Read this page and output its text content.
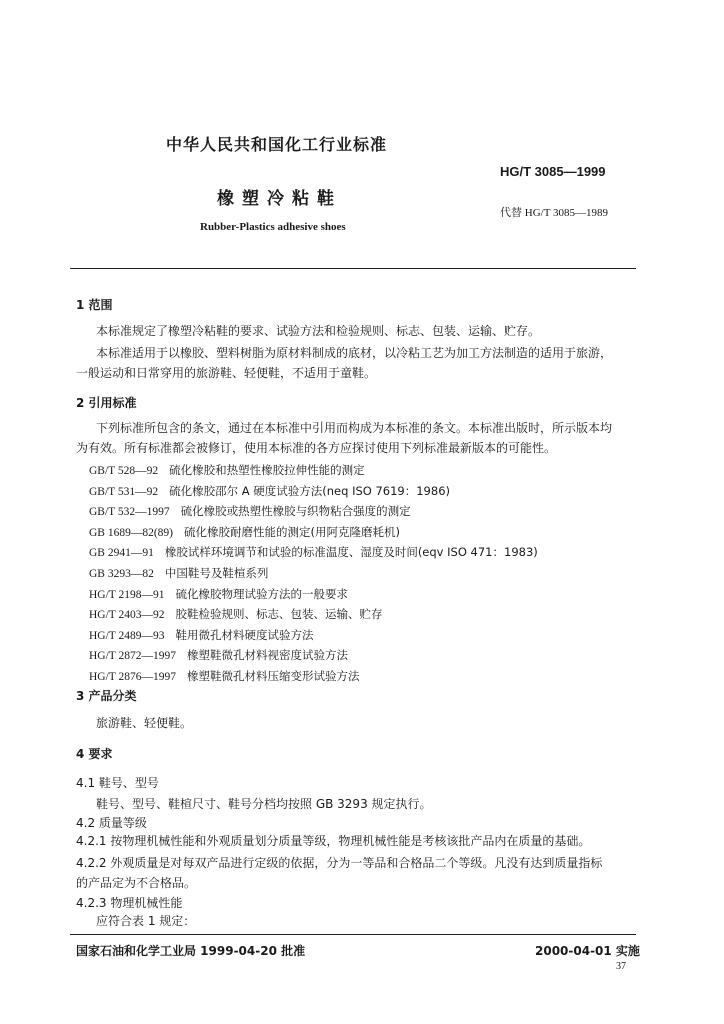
中华人民共和国化工行业标准
HG/T 3085—1999
橡塑冷粘鞋
代替 HG/T 3085—1989
Rubber-Plastics adhesive shoes
1 范围
本标准规定了橡塑冷粘鞋的要求、试验方法和检验规则、标志、包装、运输、贮存。
本标准适用于以橡胶、塑料树脂为原材料制成的底材，以冷粘工艺为加工方法制造的适用于旅游，
一般运动和日常穿用的旅游鞋、轻便鞋，不适用于童鞋。
2 引用标准
下列标准所包含的条文，通过在本标准中引用而构成为本标准的条文。本标准出版时，所示版本均
为有效。所有标准都会被修订，使用本标准的各方应探讨使用下列标准最新版本的可能性。
GB/T 528—92 硫化橡胶和热塑性橡胶拉伸性能的测定
GB/T 531—92 硫化橡胶邵尔 A 硬度试验方法(neq ISO 7619：1986)
GB/T 532—1997 硫化橡胶或热塑性橡胶与织物粘合强度的测定
GB 1689—82(89) 硫化橡胶耐磨性能的测定(用阿克隆磨耗机)
GB 2941—91 橡胶试样环境调节和试验的标准温度、湿度及时间(eqv ISO 471：1983)
GB 3293—82 中国鞋号及鞋楦系列
HG/T 2198—91 硫化橡胶物理试验方法的一般要求
HG/T 2403—92 胶鞋检验规则、标志、包装、运输、贮存
HG/T 2489—93 鞋用微孔材料硬度试验方法
HG/T 2872—1997 橡塑鞋微孔材料视密度试验方法
HG/T 2876—1997 橡塑鞋微孔材料压缩变形试验方法
3 产品分类
旅游鞋、轻便鞋。
4 要求
4.1 鞋号、型号
鞋号、型号、鞋楦尺寸、鞋号分档均按照 GB 3293 规定执行。
4.2 质量等级
4.2.1 按物理机械性能和外观质量划分质量等级，物理机械性能是考核该批产品内在质量的基础。
4.2.2 外观质量是对每双产品进行定级的依据，分为一等品和合格品二个等级。凡没有达到质量指标
的产品定为不合格品。
4.2.3 物理机械性能
应符合表 1 规定：
国家石油和化学工业局 1999-04-20 批准	2000-04-01 实施
37
